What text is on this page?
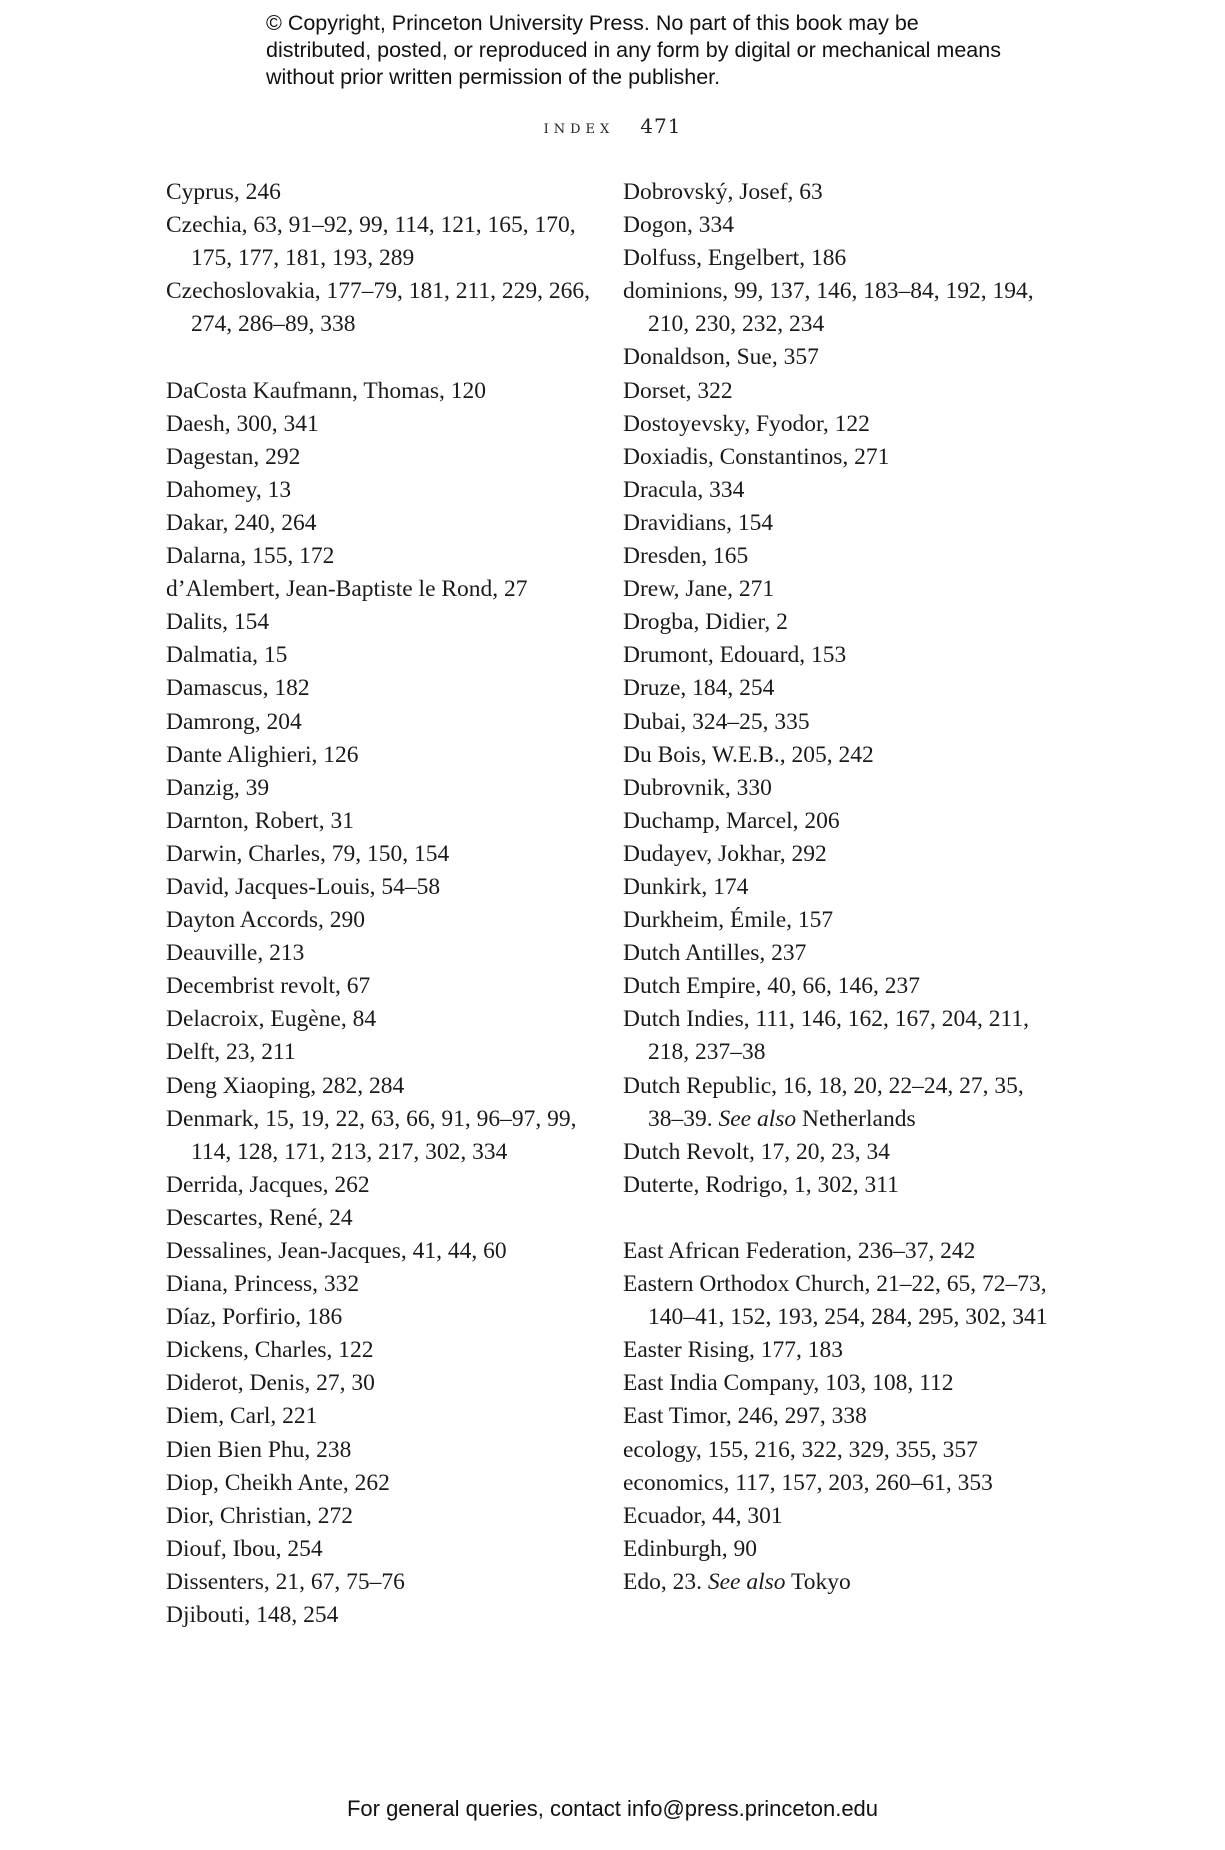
© Copyright, Princeton University Press. No part of this book may be distributed, posted, or reproduced in any form by digital or mechanical means without prior written permission of the publisher.
index 471

Cyprus, 246

Czechia, 63, 91–92, 99, 114, 121, 165, 170, 175, 177, 181, 193, 289

Czechoslovakia, 177–79, 181, 211, 229, 266, 274, 286–89, 338

DaCosta Kaufmann, Thomas, 120

Daesh, 300, 341

Dagestan, 292

Dahomey, 13

Dakar, 240, 264

Dalarna, 155, 172

d’Alembert, Jean-Baptiste le Rond, 27

Dalits, 154

Dalmatia, 15

Damascus, 182

Damrong, 204

Dante Alighieri, 126

Danzig, 39

Darnton, Robert, 31

Darwin, Charles, 79, 150, 154

David, Jacques-Louis, 54–58

Dayton Accords, 290

Deauville, 213

Decembrist revolt, 67

Delacroix, Eugène, 84

Delft, 23, 211

Deng Xiaoping, 282, 284

Denmark, 15, 19, 22, 63, 66, 91, 96–97, 99, 114, 128, 171, 213, 217, 302, 334

Derrida, Jacques, 262

Descartes, René, 24

Dessalines, Jean-Jacques, 41, 44, 60

Diana, Princess, 332

Díaz, Porfirio, 186

Dickens, Charles, 122

Diderot, Denis, 27, 30

Diem, Carl, 221

Dien Bien Phu, 238

Diop, Cheikh Ante, 262

Dior, Christian, 272

Diouf, Ibou, 254

Dissenters, 21, 67, 75–76

Djibouti, 148, 254

Dobrovský, Josef, 63

Dogon, 334

Dolfuss, Engelbert, 186

dominions, 99, 137, 146, 183–84, 192, 194, 210, 230, 232, 234

Donaldson, Sue, 357

Dorset, 322

Dostoyevsky, Fyodor, 122

Doxiadis, Constantinos, 271

Dracula, 334

Dravidians, 154

Dresden, 165

Drew, Jane, 271

Drogba, Didier, 2

Drumont, Edouard, 153

Druze, 184, 254

Dubai, 324–25, 335

Du Bois, W.E.B., 205, 242

Dubrovnik, 330

Duchamp, Marcel, 206

Dudayev, Jokhar, 292

Dunkirk, 174

Durkheim, Émile, 157

Dutch Antilles, 237

Dutch Empire, 40, 66, 146, 237

Dutch Indies, 111, 146, 162, 167, 204, 211, 218, 237–38

Dutch Republic, 16, 18, 20, 22–24, 27, 35, 38–39. See also Netherlands

Dutch Revolt, 17, 20, 23, 34

Duterte, Rodrigo, 1, 302, 311

East African Federation, 236–37, 242

Eastern Orthodox Church, 21–22, 65, 72–73, 140–41, 152, 193, 254, 284, 295, 302, 341

Easter Rising, 177, 183

East India Company, 103, 108, 112

East Timor, 246, 297, 338

ecology, 155, 216, 322, 329, 355, 357

economics, 117, 157, 203, 260–61, 353

Ecuador, 44, 301

Edinburgh, 90

Edo, 23. See also Tokyo

For general queries, contact info@press.princeton.edu
